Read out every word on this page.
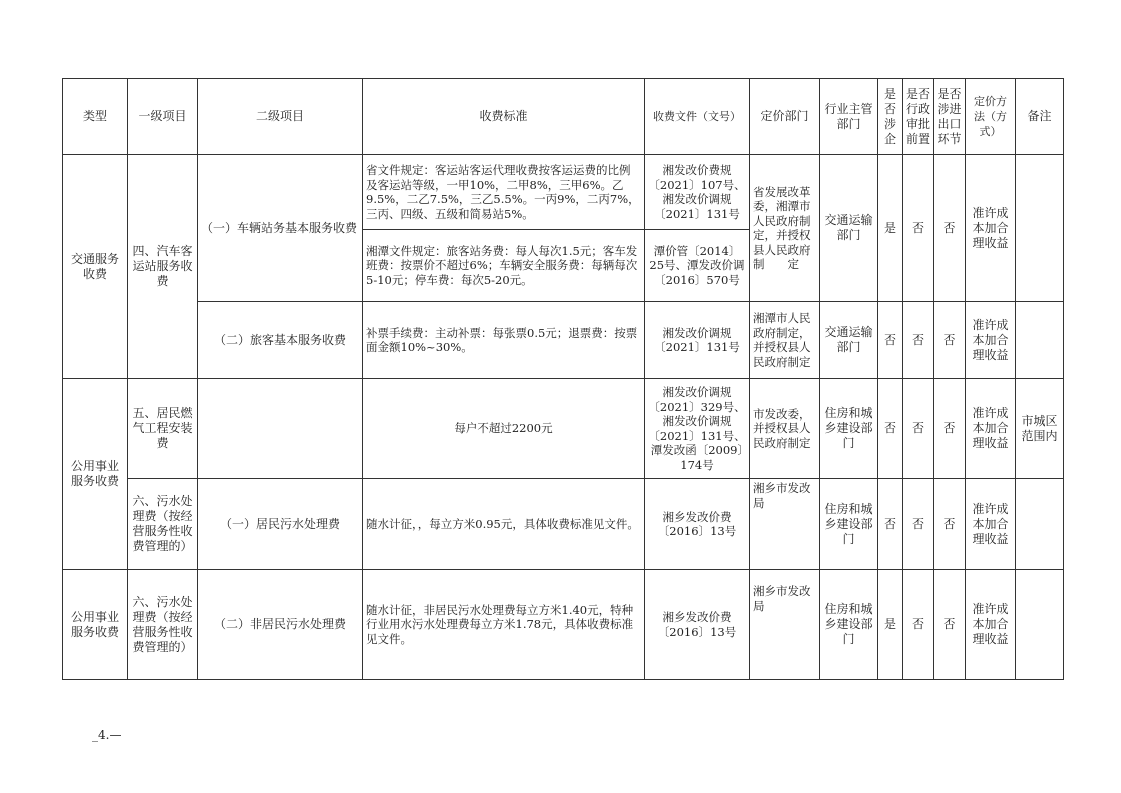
类型	一级项目	二级项目	收费标准	收费文件（文号）	定价部门	行业主管部门	是否涉企	是否行政审批前置	是否涉进出口环节	定价方法（方式）	备注
交通服务收费	四、汽车客运站服务收费	（一）车辆站务基本服务收费	省文件规定：客运站客运代理收费按客运运费的比例及客运站等级，一甲10%，二甲8%，三甲6%。乙9.5%，二乙7.5%，三乙5.5%。一丙9%，二丙7%，三丙、四级、五级和简易站5%。	湘发改价费规〔2021〕107号、湘发改价调规〔2021〕131号	省发展改革委，湘潭市人民政府制定，并授权县人民政府制　　定	交通运输部门	是	否	否	准许成本加合理收益	
			湘潭文件规定：旅客站务费：每人每次1.5元；客车发班费：按票价不超过6%；车辆安全服务费：每辆每次5-10元；停车费：每次5-20元。	潭价管〔2014〕25号、潭发改价调〔2016〕570号							
		（二）旅客基本服务收费	补票手续费：主动补票：每张票0.5元；退票费：按票面金额10%~30%。	湘发改价调规〔2021〕131号	湘潭市人民政府制定，并授权县人民政府制定	交通运输部门	否	否	否	准许成本加合理收益	
公用事业服务收费	五、居民燃气工程安装费		每户不超过2200元	湘发改价调规〔2021〕329号、湘发改价调规〔2021〕131号、潭发改函〔2009〕174号	市发改委，并授权县人民政府制定	住房和城乡建设部门	否	否	否	准许成本加合理收益	市城区范围内
	六、污水处理费（按经营服务性收费管理的）	（一）居民污水处理费	随水计征，，每立方米0.95元，具体收费标准见文件。	湘乡发改价费〔2016〕13号	湘乡市发改局	住房和城乡建设部门	否	否	否	准许成本加合理收益	
公用事业服务收费	六、污水处理费（按经营服务性收费管理的）	（二）非居民污水处理费	随水计征，非居民污水处理费每立方米1.40元，特种行业用水污水处理费每立方米1.78元，具体收费标准见文件。	湘乡发改价费〔2016〕13号	湘乡市发改局	住房和城乡建设部门	是	否	否	准许成本加合理收益	
_4.—
